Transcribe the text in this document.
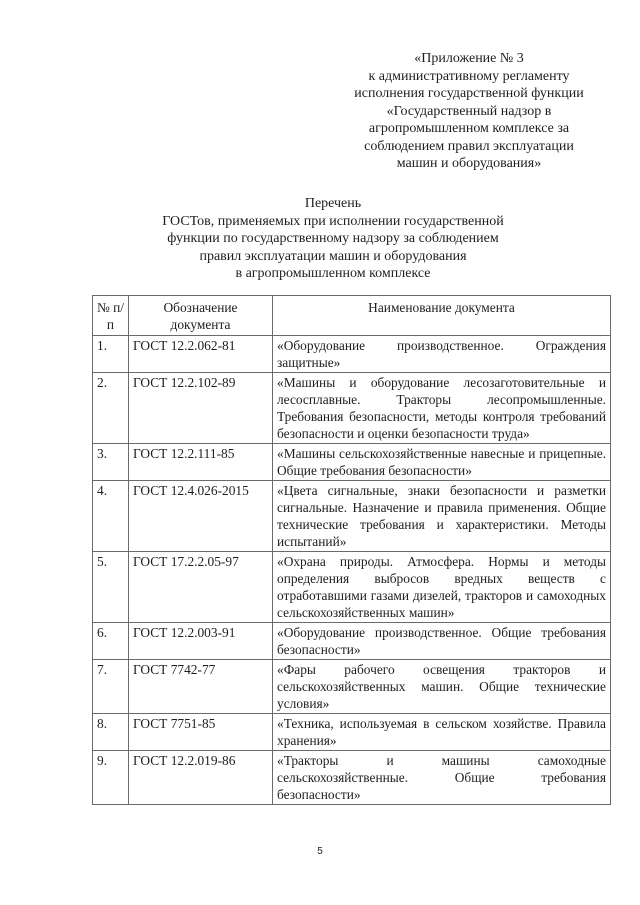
«Приложение № 3
к административному регламенту
исполнения государственной функции
«Государственный надзор в
агропромышленном комплексе за
соблюдением правил эксплуатации
машин и оборудования»
Перечень
ГОСТов, применяемых при исполнении государственной
функции по государственному надзору за соблюдением
правил эксплуатации машин и оборудования
в агропромышленном комплексе
№ п/п	Обозначение документа	Наименование документа
1.	ГОСТ 12.2.062-81	«Оборудование производственное. Ограждения защитные»
2.	ГОСТ 12.2.102-89	«Машины и оборудование лесозаготовительные и лесосплавные. Тракторы лесопромышленные. Требования безопасности, методы контроля требований безопасности и оценки безопасности труда»
3.	ГОСТ 12.2.111-85	«Машины сельскохозяйственные навесные и прицепные. Общие требования безопасности»
4.	ГОСТ 12.4.026-2015	«Цвета сигнальные, знаки безопасности и разметки сигнальные. Назначение и правила применения. Общие технические требования и характеристики. Методы испытаний»
5.	ГОСТ 17.2.2.05-97	«Охрана природы. Атмосфера. Нормы и методы определения выбросов вредных веществ с отработавшими газами дизелей, тракторов и самоходных сельскохозяйственных машин»
6.	ГОСТ 12.2.003-91	«Оборудование производственное. Общие требования безопасности»
7.	ГОСТ 7742-77	«Фары рабочего освещения тракторов и сельскохозяйственных машин. Общие технические условия»
8.	ГОСТ 7751-85	«Техника, используемая в сельском хозяйстве. Правила хранения»
9.	ГОСТ 12.2.019-86	«Тракторы и машины самоходные сельскохозяйственные. Общие требования безопасности»
5
